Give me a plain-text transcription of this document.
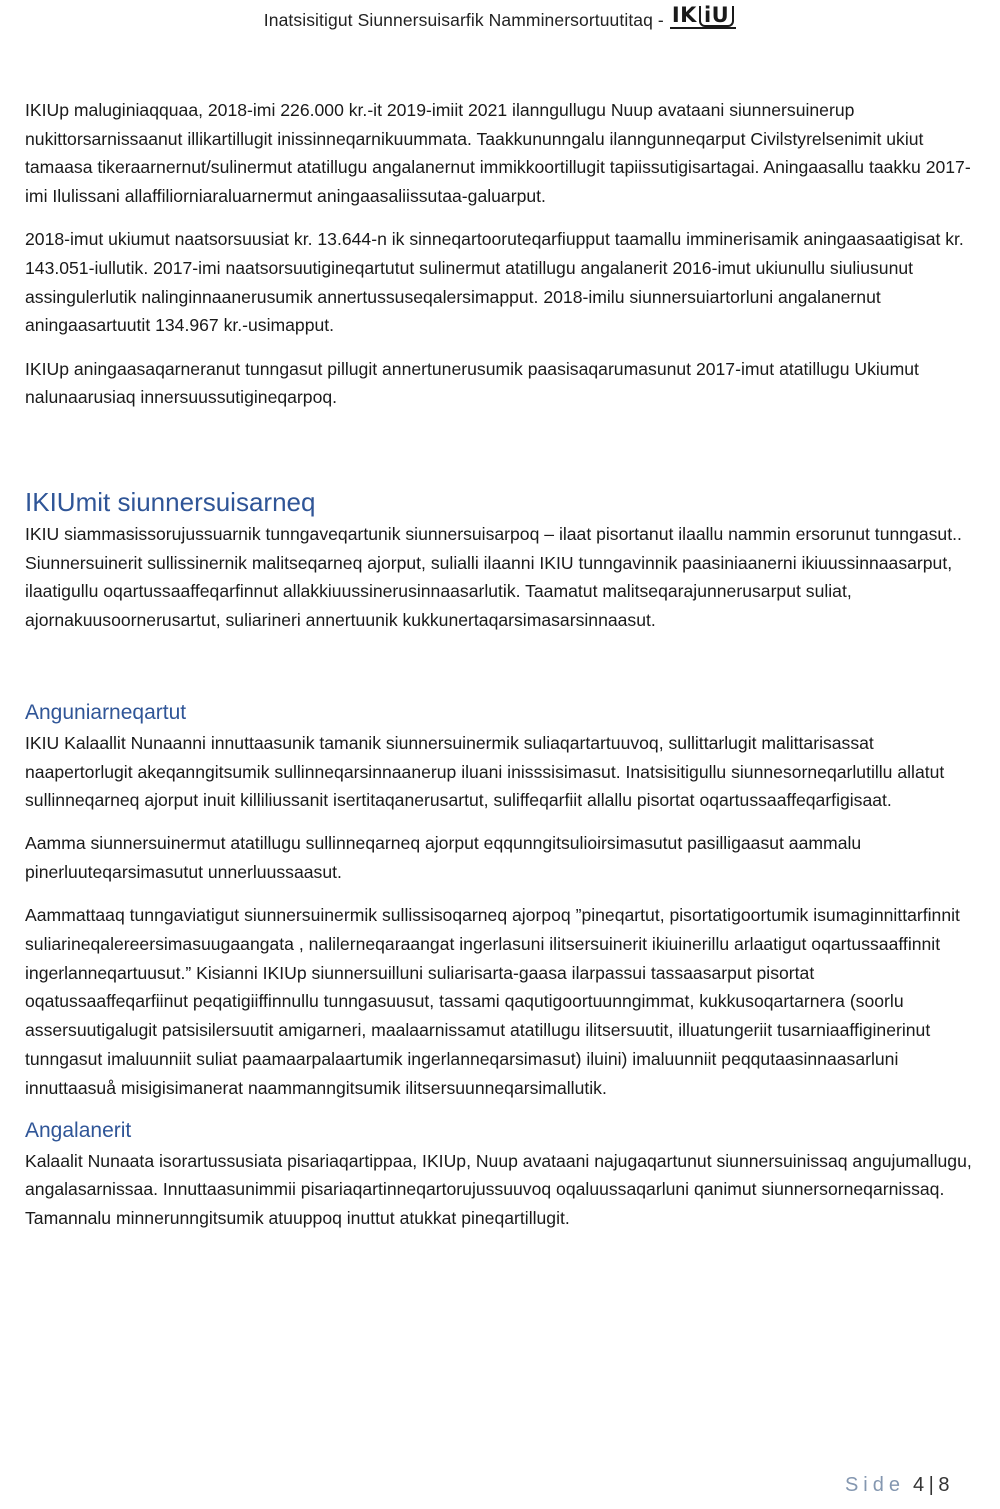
Inatsisitigut Siunnersuisarfik Namminersortuutitaq - IK iU

IKIUp maluginiaqquaa, 2018-imi 226.000 kr.-it 2019-imiit 2021 ilanngullugu Nuup avataani siunnersuinerup nukittorsarnissaanut illikartillugit inissinneqarnikuummata. Taakkununngalu ilanngunneqarput Civilstyrelsenimit ukiut tamaasa tikeraarnernut/sulinermut atatillugu angalanernut immikkoortillugit tapiissutigisartagai. Aningaasallu taakku 2017-imi Ilulissani allaffiliorniaraluarnermut aningaasaliissutaa-galuarput.

2018-imut ukiumut naatsorsuusiat kr. 13.644-n ik sinneqartooruteqarfiupput taamallu imminerisamik aningaasaatigisat kr. 143.051-iullutik. 2017-imi naatsorsuutigineqartutut sulinermut atatillugu angalanerit 2016-imut ukiunullu siuliusunut assingulerlutik nalinginnaanerusumik annertussuseqalersimapput. 2018-imilu siunnersuiartorluni angalanernut aningaasartuutit 134.967 kr.-usimapput.

IKIUp aningaasaqarneranut tunngasut pillugit annertunerusumik paasisaqarumasunut 2017-imut atatillugu Ukiumut nalunaarusiaq innersuussutigineqarpoq.

IKIUmit siunnersuisarneq

IKIU siammasissorujussuarnik tunngaveqartunik siunnersuisarpoq – ilaat pisortanut ilaallu nammin ersorunut tunngasut.. Siunnersuinerit sullissinernik malitseqarneq ajorput, sulialli ilaanni IKIU tunngavinnik paasiniaanerni ikiuussinnaasarput, ilaatigullu oqartussaaffeqarfinnut allakkiuussinerusinnaasarlutik. Taamatut malitseqarajunnerusarput suliat, ajornakuusoornerusartut, suliarineri annertuunik kukkunertaqarsimasarsinnaasut.

Anguniarneqartut

IKIU Kalaallit Nunaanni innuttaasunik tamanik siunnersuinermik suliaqartartuuvoq, sullittarlugit malittarisassat naapertorlugit akeqanngitsumik sullinneqarsinnaanerup iluani inisssisimasut. Inatsisitigullu siunnesorneqarlutillu allatut sullinneqarneq ajorput inuit killiliussanit isertitaqanerusartut, suliffeqarfiit allallu pisortat oqartussaaffeqarfigisaat.

Aamma siunnersuinermut atatillugu sullinneqarneq ajorput eqqunngitsulioirsimasutut pasilligaasut aammalu pinerluuteqarsimasutut unnerluussaasut.

Aammattaaq tunngaviatigut siunnersuinermik sullissisoqarneq ajorpoq ”pineqartut, pisortatigoortumik isumaginnittarfinnit suliarineqalereersimasuugaangata , nalilerneqaraangat ingerlasuni ilitsersuinerit ikiuinerillu arlaatigut oqartussaaffinnit ingerlanneqartuusut.” Kisianni IKIUp siunnersuilluni suliarisarta-gaasa ilarpassui tassaasarput pisortat oqatussaaffeqarfiinut peqatigiiffinnullu tunngasuusut, tassami qaqutigoortuunngimmat, kukkusoqartarnera (soorlu assersuutigalugit patsisilersuutit amigarneri, maalaarnissamut atatillugu ilitsersuutit, illuatungeriit tusarniaaffiginerinut tunngasut imaluunniit suliat paamaarpalaartumik ingerlanneqarsimasut) iluini) imaluunniit peqqutaasinnaasarluni innuttaasuå misigisimanerat naammanngitsumik ilitsersuunneqarsimallutik.

Angalanerit

Kalaalit Nunaata isorartussusiata pisariaqartippaa, IKIUp, Nuup avataani najugaqartunut siunnersuinissaq angujumallugu, angalasarnissaa. Innuttaasunimmii pisariaqartinneqartorujussuuvoq oqaluussaqarluni qanimut siunnersorneqarnissaq. Tamannalu minnerunngitsumik atuuppoq inuttut atukkat pineqartillugit.

Side 4 | 8
